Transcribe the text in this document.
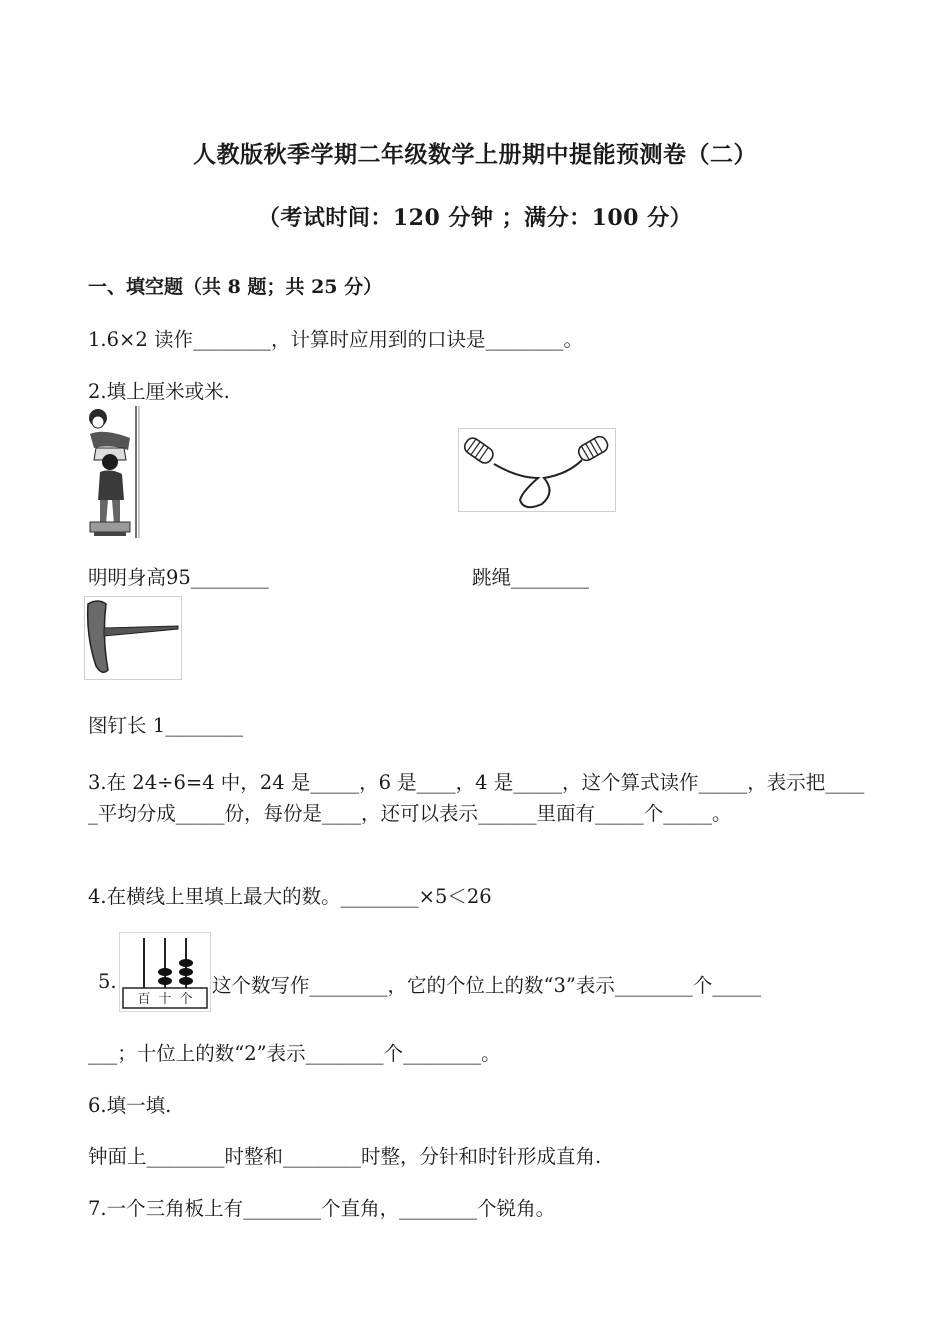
人教版秋季学期二年级数学上册期中提能预测卷（二）
（考试时间：120 分钟 ；满分：100 分）
一、填空题（共 8 题；共 25 分）
1.6×2 读作________，计算时应用到的口诀是________。
2.填上厘米或米.
明明身高95________	跳绳________
图钉长 1________
3.在 24÷6=4 中，24 是_____，6 是____，4 是_____，这个算式读作_____，表示把_____平均分成_____份，每份是____，还可以表示______里面有_____个_____。
4.在横线上里填上最大的数。________×5＜26
5.
百 十 个
这个数写作________，它的个位上的数“3”表示________个_____
___；十位上的数“2”表示________个________。
6.填一填.
钟面上________时整和________时整，分针和时针形成直角.
7.一个三角板上有________个直角，________个锐角。
